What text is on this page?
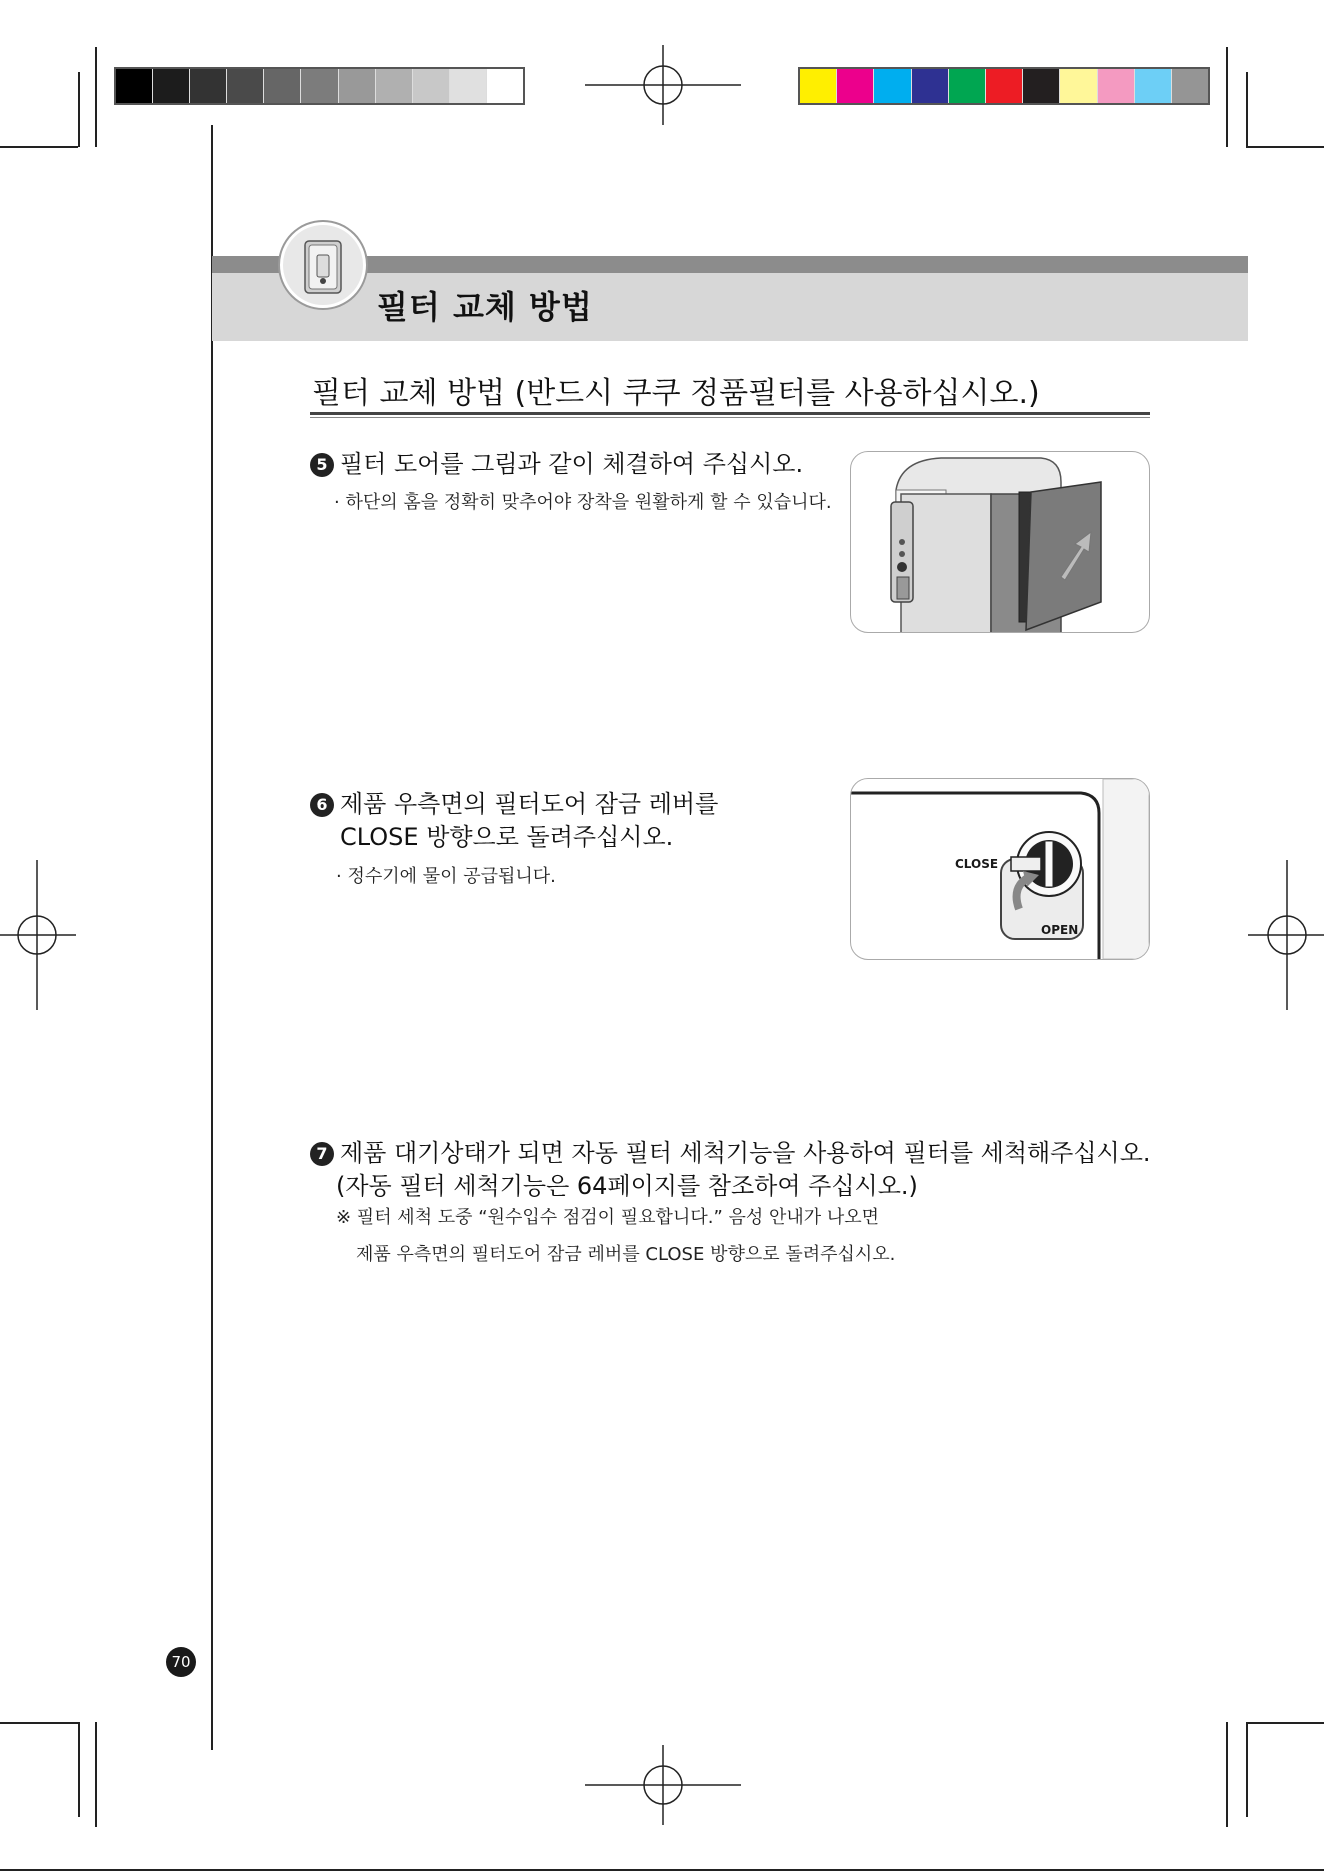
필터 교체 방법
필터 교체 방법 (반드시 쿠쿠 정품필터를 사용하십시오.)
5 필터 도어를 그림과 같이 체결하여 주십시오.
· 하단의 홈을 정확히 맞추어야 장착을 원활하게 할 수 있습니다.
6 제품 우측면의 필터도어 잠금 레버를
CLOSE 방향으로 돌려주십시오.
· 정수기에 물이 공급됩니다.
CLOSE
OPEN
7 제품 대기상태가 되면 자동 필터 세척기능을 사용하여 필터를 세척해주십시오.
(자동 필터 세척기능은 64페이지를 참조하여 주십시오.)
※ 필터 세척 도중 “원수입수 점검이 필요합니다.” 음성 안내가 나오면
제품 우측면의 필터도어 잠금 레버를 CLOSE 방향으로 돌려주십시오.
70
